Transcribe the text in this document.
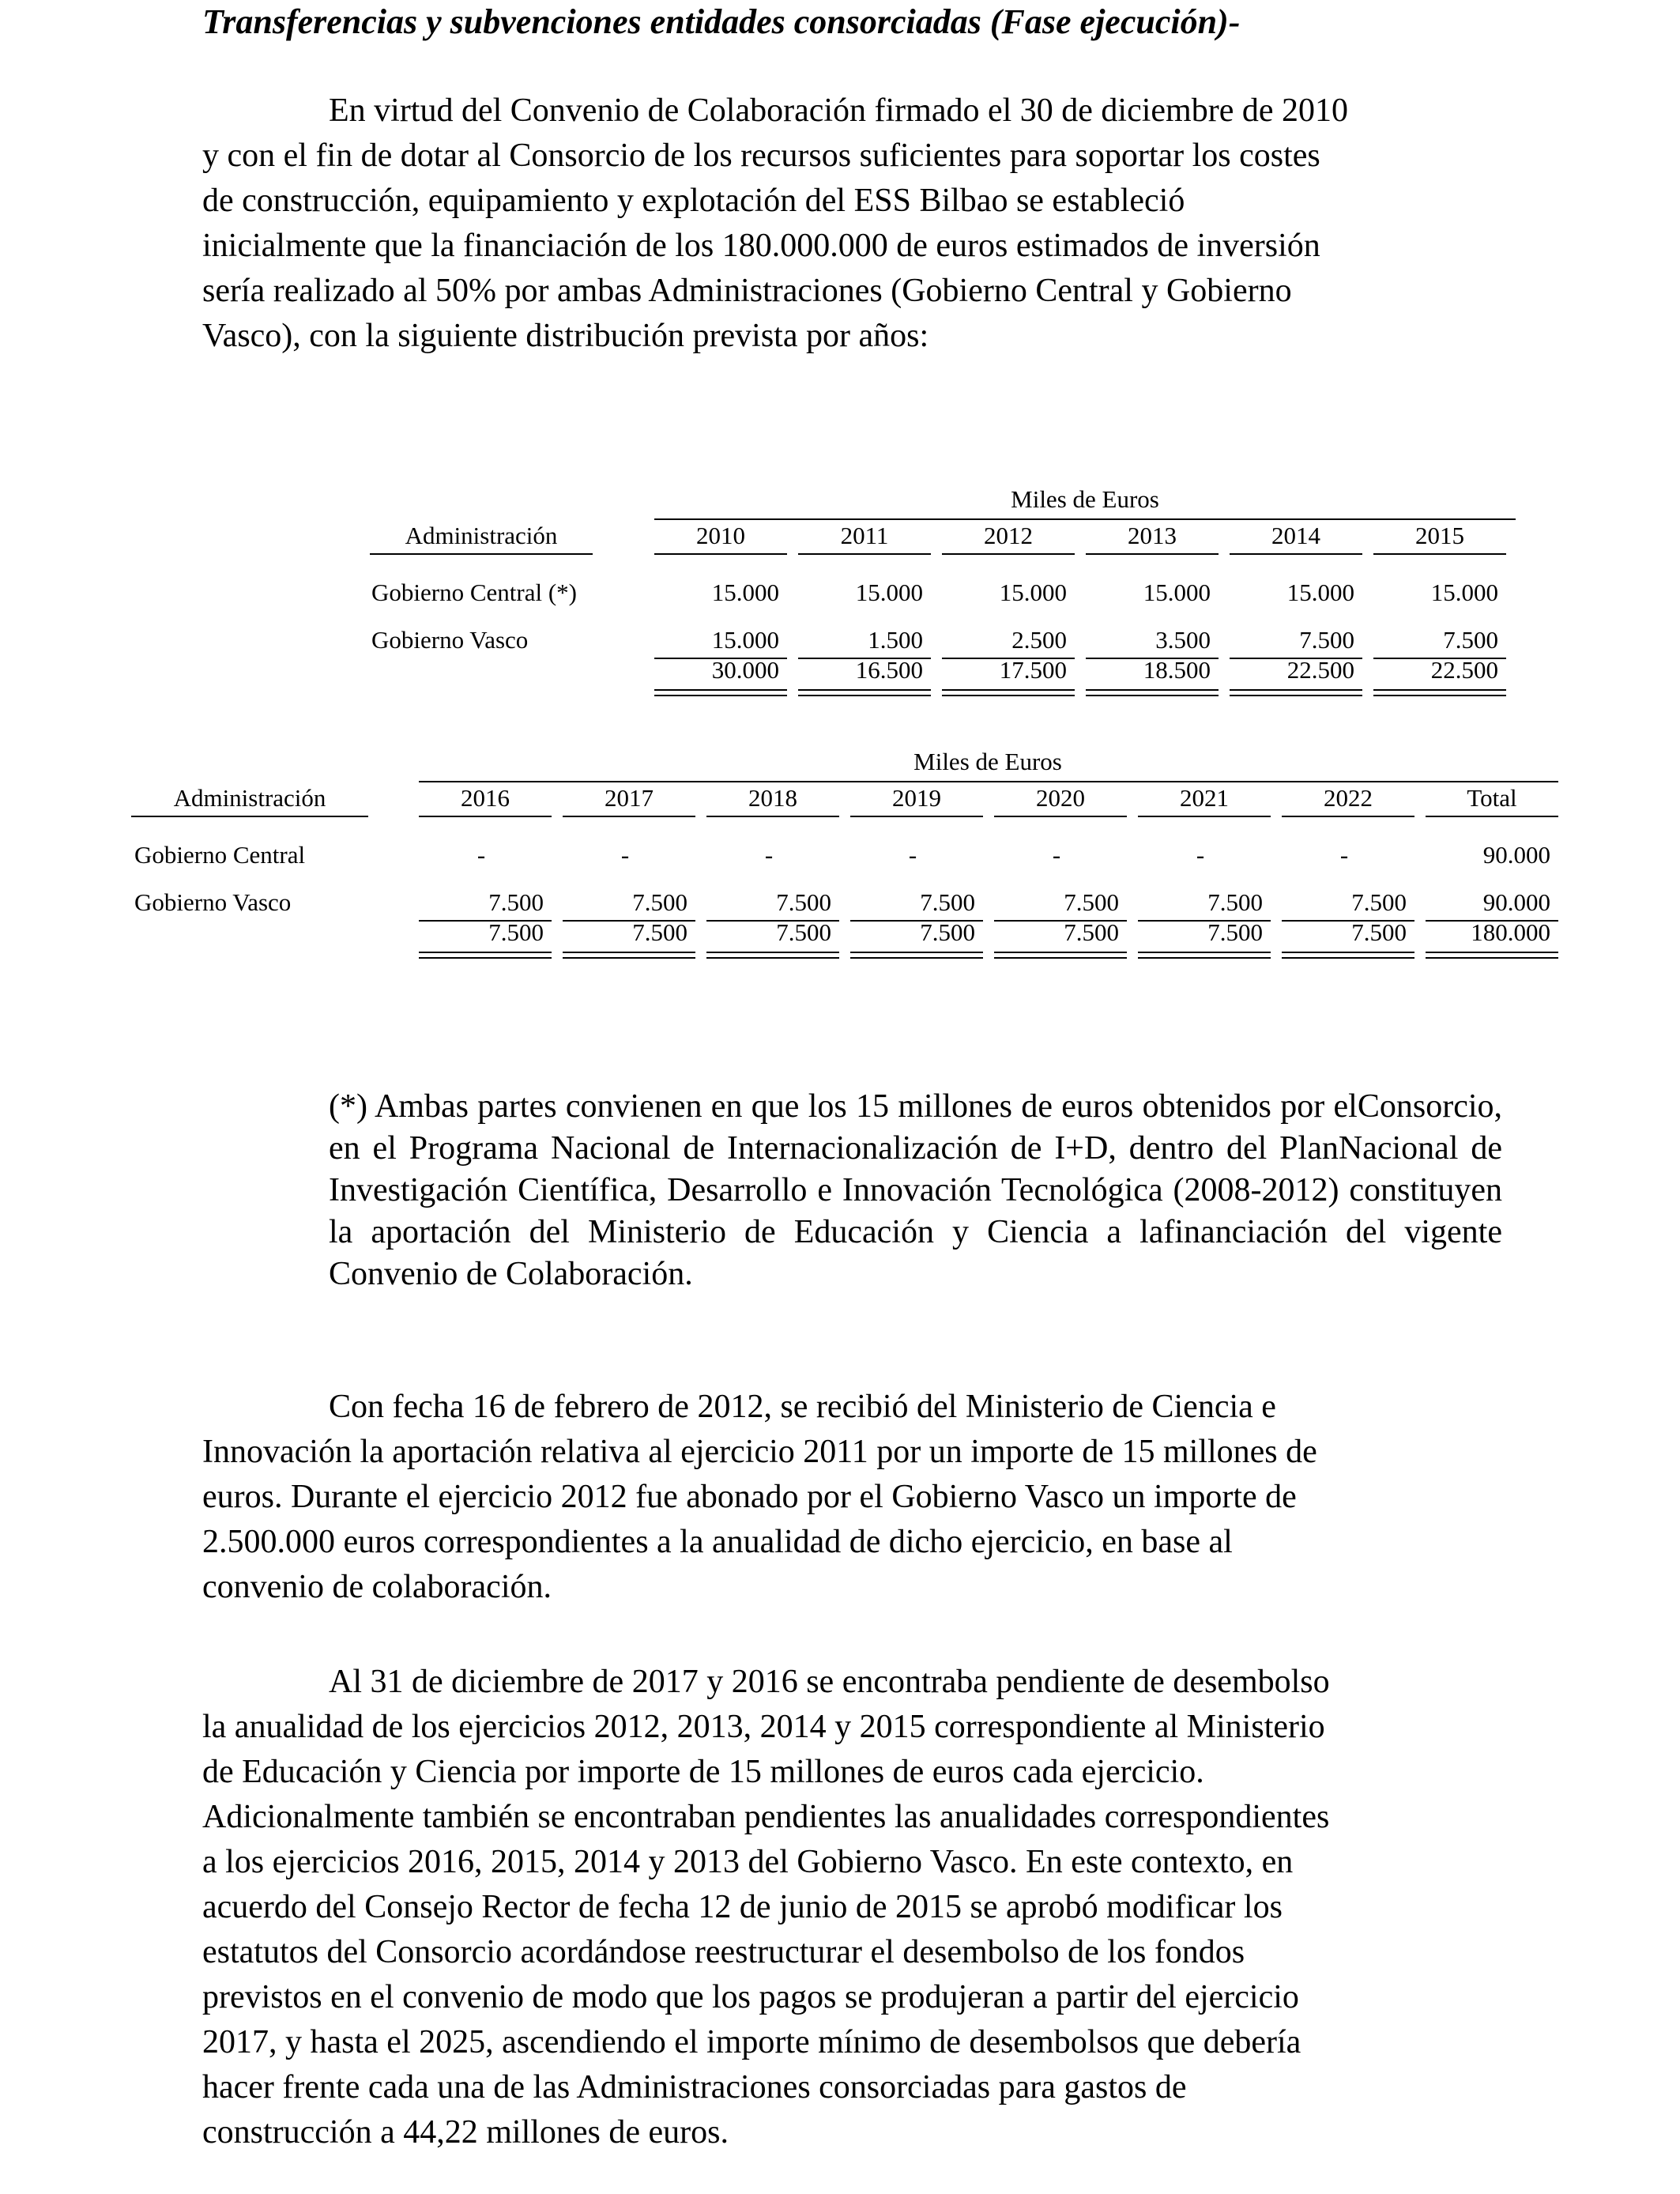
Transferencias y subvenciones entidades consorciadas (Fase ejecución)-
En virtud del Convenio de Colaboración firmado el 30 de diciembre de 2010
y con el fin de dotar al Consorcio de los recursos suficientes para soportar los costes
de construcción, equipamiento y explotación del ESS Bilbao se estableció
inicialmente que la financiación de los 180.000.000 de euros estimados de inversión
sería realizado al 50% por ambas Administraciones (Gobierno Central y Gobierno
Vasco), con la siguiente distribución prevista por años:
Miles de Euros
Administración	2010	2011	2012	2013	2014	2015
Gobierno Central (*)	15.000	15.000	15.000	15.000	15.000	15.000
Gobierno Vasco	15.000	1.500	2.500	3.500	7.500	7.500
30.000	16.500	17.500	18.500	22.500	22.500
Miles de Euros
Administración	2016	2017	2018	2019	2020	2021	2022	Total
Gobierno Central	-	-	-	-	-	-	-	90.000
Gobierno Vasco	7.500	7.500	7.500	7.500	7.500	7.500	7.500	90.000
7.500	7.500	7.500	7.500	7.500	7.500	7.500	180.000
(*) Ambas partes convienen en que los 15 millones de euros obtenidos por elConsorcio, en el Programa Nacional de Internacionalización de I+D, dentro del PlanNacional de Investigación Científica, Desarrollo e Innovación Tecnológica (2008-2012) constituyen la aportación del Ministerio de Educación y Ciencia a lafinanciación del vigente Convenio de Colaboración.
Con fecha 16 de febrero de 2012, se recibió del Ministerio de Ciencia e
Innovación la aportación relativa al ejercicio 2011 por un importe de 15 millones de
euros. Durante el ejercicio 2012 fue abonado por el Gobierno Vasco un importe de
2.500.000 euros correspondientes a la anualidad de dicho ejercicio, en base al
convenio de colaboración.
Al 31 de diciembre de 2017 y 2016 se encontraba pendiente de desembolso
la anualidad de los ejercicios 2012, 2013, 2014 y 2015 correspondiente al Ministerio
de Educación y Ciencia por importe de 15 millones de euros cada ejercicio.
Adicionalmente también se encontraban pendientes las anualidades correspondientes
a los ejercicios 2016, 2015, 2014 y 2013 del Gobierno Vasco. En este contexto, en
acuerdo del Consejo Rector de fecha 12 de junio de 2015 se aprobó modificar los
estatutos del Consorcio acordándose reestructurar el desembolso de los fondos
previstos en el convenio de modo que los pagos se produjeran a partir del ejercicio
2017, y hasta el 2025, ascendiendo el importe mínimo de desembolsos que debería
hacer frente cada una de las Administraciones consorciadas para gastos de
construcción a 44,22 millones de euros.
